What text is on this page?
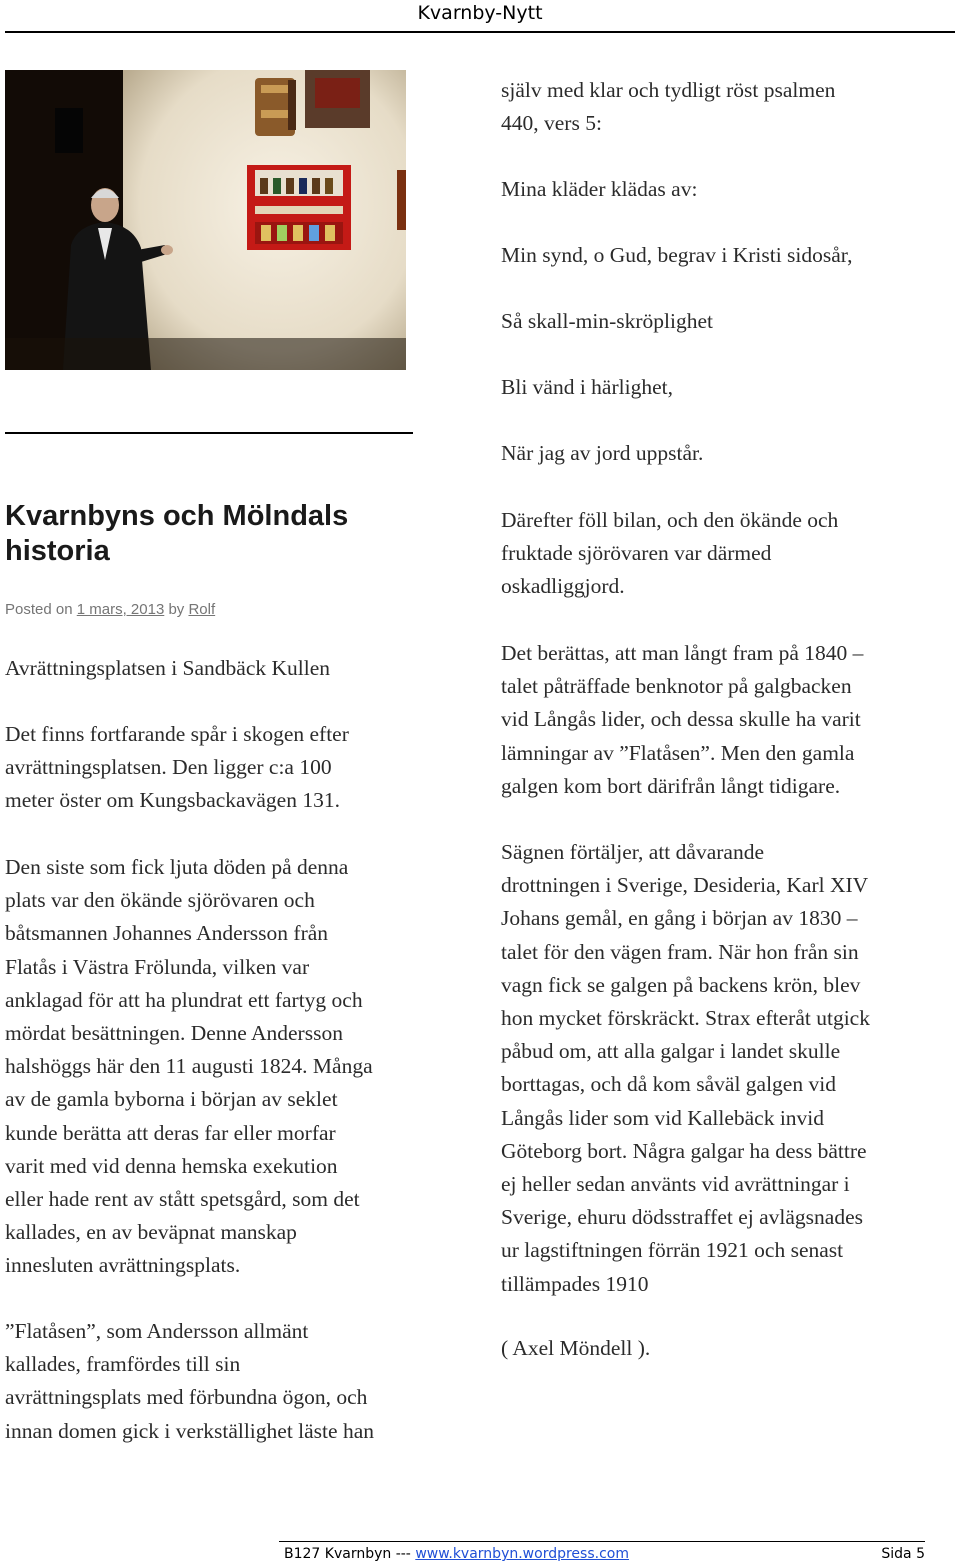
Kvarnby-Nytt
Kvarnbyns och Mölndals historia

Posted on 1 mars, 2013 by Rolf

Avrättningsplatsen i Sandbäck Kullen

Det finns fortfarande spår i skogen efter

avrättningsplatsen. Den ligger c:a 100

meter öster om Kungsbackavägen 131.

Den siste som fick ljuta döden på denna

plats var den ökände sjörövaren och

båtsmannen Johannes Andersson från

Flatås i Västra Frölunda, vilken var

anklagad för att ha plundrat ett fartyg och

mördat besättningen. Denne Andersson

halshöggs här den 11 augusti 1824. Många

av de gamla byborna i början av seklet

kunde berätta att deras far eller morfar

varit med vid denna hemska exekution

eller hade rent av stått spetsgård, som det

kallades, en av beväpnat manskap

innesluten avrättningsplats.

”Flatåsen”, som Andersson allmänt

kallades, framfördes till sin

avrättningsplats med förbundna ögon, och

innan domen gick i verkställighet läste han

själv med klar och tydligt röst psalmen

440, vers 5:

Mina kläder klädas av:

Min synd, o Gud, begrav i Kristi sidosår,

Så skall-min-skröplighet

Bli vänd i härlighet,

När jag av jord uppstår.

Därefter föll bilan, och den ökände och

fruktade sjörövaren var därmed

oskadliggjord.

Det berättas, att man långt fram på 1840 –

talet påträffade benknotor på galgbacken

vid Långås lider, och dessa skulle ha varit

lämningar av ”Flatåsen”. Men den gamla

galgen kom bort därifrån långt tidigare.

Sägnen förtäljer, att dåvarande

drottningen i Sverige, Desideria, Karl XIV

Johans gemål, en gång i början av 1830 –

talet för den vägen fram. När hon från sin

vagn fick se galgen på backens krön, blev

hon mycket förskräckt. Strax efteråt utgick

påbud om, att alla galgar i landet skulle

borttagas, och då kom såväl galgen vid

Långås lider som vid Kallebäck invid

Göteborg bort. Några galgar ha dess bättre

ej heller sedan använts vid avrättningar i

Sverige, ehuru dödsstraffet ej avlägsnades

ur lagstiftningen förrän 1921 och senast

tillämpades 1910

( Axel Möndell ).

B127 Kvarnbyn --- www.kvarnbyn.wordpress.com	Sida 5
